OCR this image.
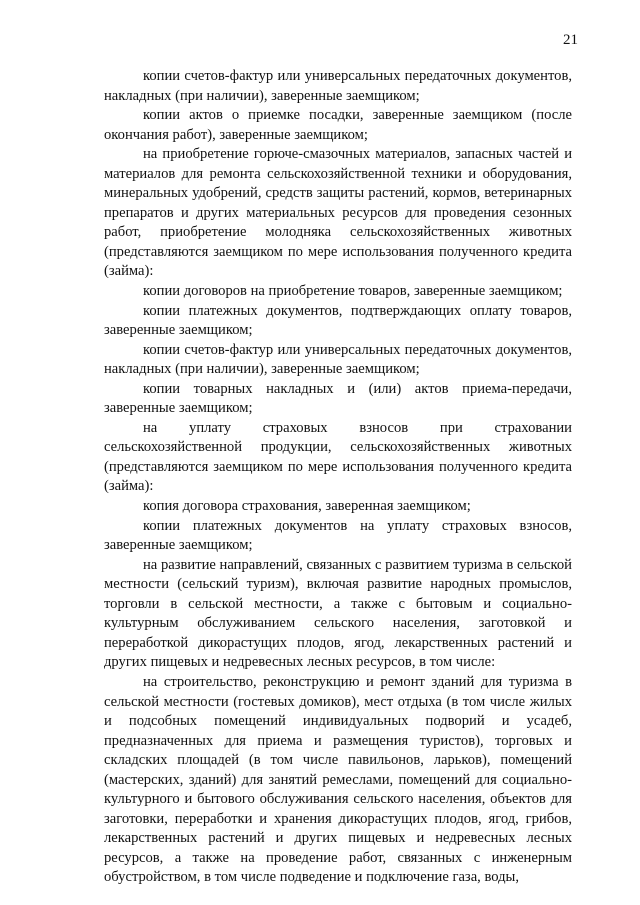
21

копии счетов-фактур или универсальных передаточных документов, накладных (при наличии), заверенные заемщиком;

копии актов о приемке посадки, заверенные заемщиком (после окончания работ), заверенные заемщиком;

на приобретение горюче-смазочных материалов, запасных частей и материалов для ремонта сельскохозяйственной техники и оборудования, минеральных удобрений, средств защиты растений, кормов, ветеринарных препаратов и других материальных ресурсов для проведения сезонных работ, приобретение молодняка сельскохозяйственных животных (представляются заемщиком по мере использования полученного кредита (займа):

копии договоров на приобретение товаров, заверенные заемщиком;

копии платежных документов, подтверждающих оплату товаров, заверенные заемщиком;

копии счетов-фактур или универсальных передаточных документов, накладных (при наличии), заверенные заемщиком;

копии товарных накладных и (или) актов приема-передачи, заверенные заемщиком;

на уплату страховых взносов при страховании сельскохозяйственной продукции, сельскохозяйственных животных (представляются заемщиком по мере использования полученного кредита (займа):

копия договора страхования, заверенная заемщиком;

копии платежных документов на уплату страховых взносов, заверенные заемщиком;

на развитие направлений, связанных с развитием туризма в сельской местности (сельский туризм), включая развитие народных промыслов, торговли в сельской местности, а также с бытовым и социально-культурным обслуживанием сельского населения, заготовкой и переработкой дикорастущих плодов, ягод, лекарственных растений и других пищевых и недревесных лесных ресурсов, в том числе:

на строительство, реконструкцию и ремонт зданий для туризма в сельской местности (гостевых домиков), мест отдыха (в том числе жилых и подсобных помещений индивидуальных подворий и усадеб, предназначенных для приема и размещения туристов), торговых и складских площадей (в том числе павильонов, ларьков), помещений (мастерских, зданий) для занятий ремеслами, помещений для социально-культурного и бытового обслуживания сельского населения, объектов для заготовки, переработки и хранения дикорастущих плодов, ягод, грибов, лекарственных растений и других пищевых и недревесных лесных ресурсов, а также на проведение работ, связанных с инженерным обустройством, в том числе подведение и подключение газа, воды,
